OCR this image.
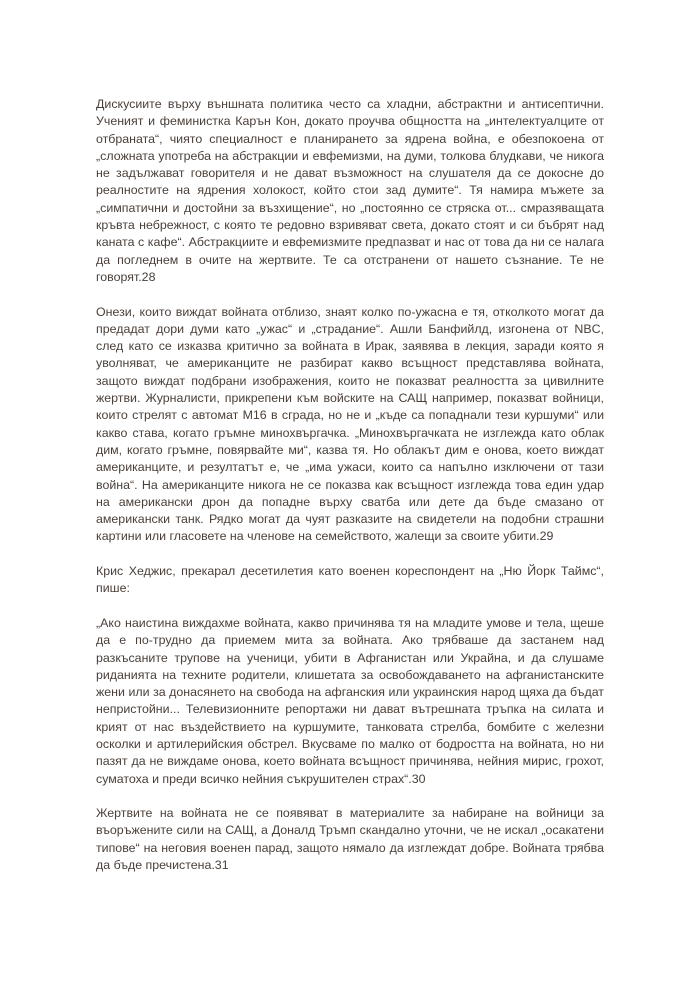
Дискусиите върху външната политика често са хладни, абстрактни и антисептични. Ученият и феминистка Карън Кон, докато проучва общността на „интелектуалците от отбраната“, чиято специалност е планирането за ядрена война, е обезпокоена от „сложната употреба на абстракции и евфемизми, на думи, толкова блудкави, че никога не задължават говорителя и не дават възможност на слушателя да се докосне до реалностите на ядрения холокост, който стои зад думите“. Тя намира мъжете за „симпатични и достойни за възхищение“, но „постоянно се стряска от... смразяващата кръвта небрежност, с която те редовно взривяват света, докато стоят и си бъбрят над каната с кафе“. Абстракциите и евфемизмите предпазват и нас от това да ни се налага да погледнем в очите на жертвите. Те са отстранени от нашето съзнание. Те не говорят.28

Онези, които виждат войната отблизо, знаят колко по-ужасна е тя, отколкото могат да предадат дори думи като „ужас“ и „страдание“. Ашли Банфийлд, изгонена от NBC, след като се изказва критично за войната в Ирак, заявява в лекция, заради която я уволняват, че американците не разбират какво всъщност представлява войната, защото виждат подбрани изображения, които не показват реалността за цивилните жертви. Журналисти, прикрепени към войските на САЩ например, показват войници, които стрелят с автомат M16 в сграда, но не и „къде са попаднали тези куршуми“ или какво става, когато гръмне минохвъргачка. „Минохвъргачката не изглежда като облак дим, когато гръмне, повярвайте ми“, казва тя. Но облакът дим е онова, което виждат американците, и резултатът е, че „има ужаси, които са напълно изключени от тази война“. На американците никога не се показва как всъщност изглежда това един удар на американски дрон да попадне върху сватба или дете да бъде смазано от американски танк. Рядко могат да чуят разказите на свидетели на подобни страшни картини или гласовете на членове на семейството, жалещи за своите убити.29

Крис Хеджис, прекарал десетилетия като военен кореспондент на „Ню Йорк Таймс“, пише:

„Ако наистина виждахме войната, какво причинява тя на младите умове и тела, щеше да е по-трудно да приемем мита за войната. Ако трябваше да застанем над разкъсаните трупове на ученици, убити в Афганистан или Украйна, и да слушаме риданията на техните родители, клишетата за освобождаването на афганистанските жени или за донасянето на свобода на афганския или украинския народ щяха да бъдат непристойни... Телевизионните репортажи ни дават вътрешната тръпка на силата и крият от нас въздействието на куршумите, танковата стрелба, бомбите с железни осколки и артилерийския обстрел. Вкусваме по малко от бодростта на войната, но ни пазят да не виждаме онова, което войната всъщност причинява, нейния мирис, грохот, суматоха и преди всичко нейния съкрушителен страх“.30

Жертвите на войната не се появяват в материалите за набиране на войници за въоръжените сили на САЩ, а Доналд Тръмп скандално уточни, че не искал „осакатени типове“ на неговия военен парад, защото нямало да изглеждат добре. Войната трябва да бъде пречистена.31
